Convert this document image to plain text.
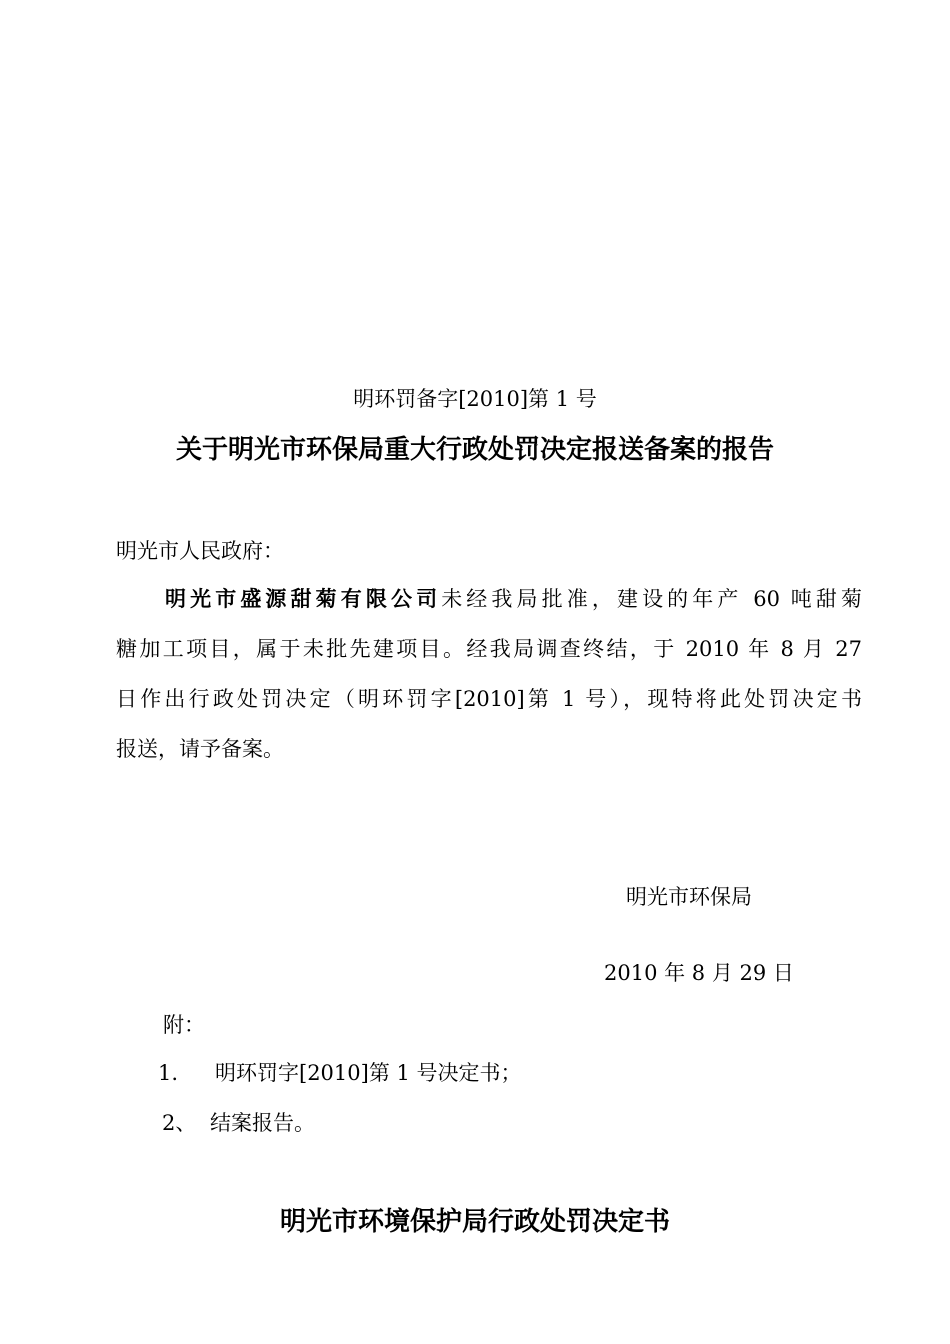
明环罚备字[2010]第 1 号
关于明光市环保局重大行政处罚决定报送备案的报告
明光市人民政府：
明光市盛源甜菊有限公司未经我局批准，建设的年产 60 吨甜菊
糖加工项目，属于未批先建项目。经我局调查终结，于 2010 年 8 月 27
日作出行政处罚决定（明环罚字[2010]第 1 号），现特将此处罚决定书
报送，请予备案。
明光市环保局
2010 年 8 月 29 日
附：
1. 明环罚字[2010]第 1 号决定书；
2、 结案报告。
明光市环境保护局行政处罚决定书
